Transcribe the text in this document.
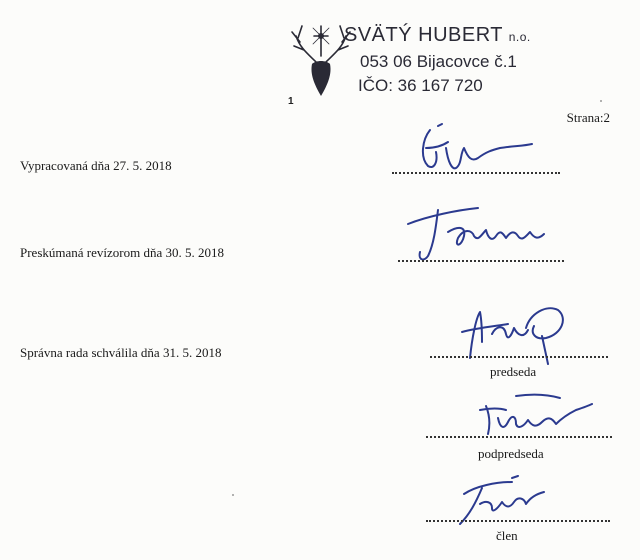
1
SVÄTÝ HUBERT n.o.
053 06 Bijacovce č.1
IČO: 36 167 720
Strana:2
Vypracovaná dňa 27. 5. 2018
Preskúmaná revízorom dňa 30. 5. 2018
Správna rada schválila dňa 31. 5. 2018
predseda
podpredseda
člen
